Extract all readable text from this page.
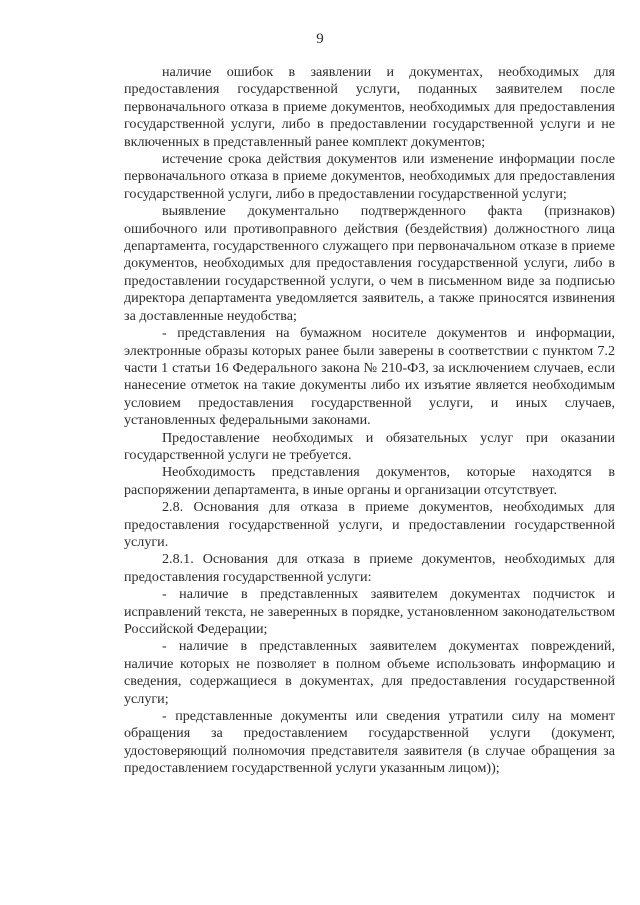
9

наличие ошибок в заявлении и документах, необходимых для предоставления государственной услуги, поданных заявителем после первоначального отказа в приеме документов, необходимых для предоставления государственной услуги, либо в предоставлении государственной услуги и не включенных в представленный ранее комплект документов;

истечение срока действия документов или изменение информации после первоначального отказа в приеме документов, необходимых для предоставления государственной услуги, либо в предоставлении государственной услуги;

выявление документально подтвержденного факта (признаков) ошибочного или противоправного действия (бездействия) должностного лица департамента, государственного служащего при первоначальном отказе в приеме документов, необходимых для предоставления государственной услуги, либо в предоставлении государственной услуги, о чем в письменном виде за подписью директора департамента уведомляется заявитель, а также приносятся извинения за доставленные неудобства;

- представления на бумажном носителе документов и информации, электронные образы которых ранее были заверены в соответствии с пунктом 7.2 части 1 статьи 16 Федерального закона № 210-ФЗ, за исключением случаев, если нанесение отметок на такие документы либо их изъятие является необходимым условием предоставления государственной услуги, и иных случаев, установленных федеральными законами.

Предоставление необходимых и обязательных услуг при оказании государственной услуги не требуется.

Необходимость представления документов, которые находятся в распоряжении департамента, в иные органы и организации отсутствует.

2.8. Основания для отказа в приеме документов, необходимых для предоставления государственной услуги, и предоставлении государственной услуги.

2.8.1. Основания для отказа в приеме документов, необходимых для предоставления государственной услуги:

- наличие в представленных заявителем документах подчисток и исправлений текста, не заверенных в порядке, установленном законодательством Российской Федерации;

- наличие в представленных заявителем документах повреждений, наличие которых не позволяет в полном объеме использовать информацию и сведения, содержащиеся в документах, для предоставления государственной услуги;

- представленные документы или сведения утратили силу на момент обращения за предоставлением государственной услуги (документ, удостоверяющий полномочия представителя заявителя (в случае обращения за предоставлением государственной услуги указанным лицом));
